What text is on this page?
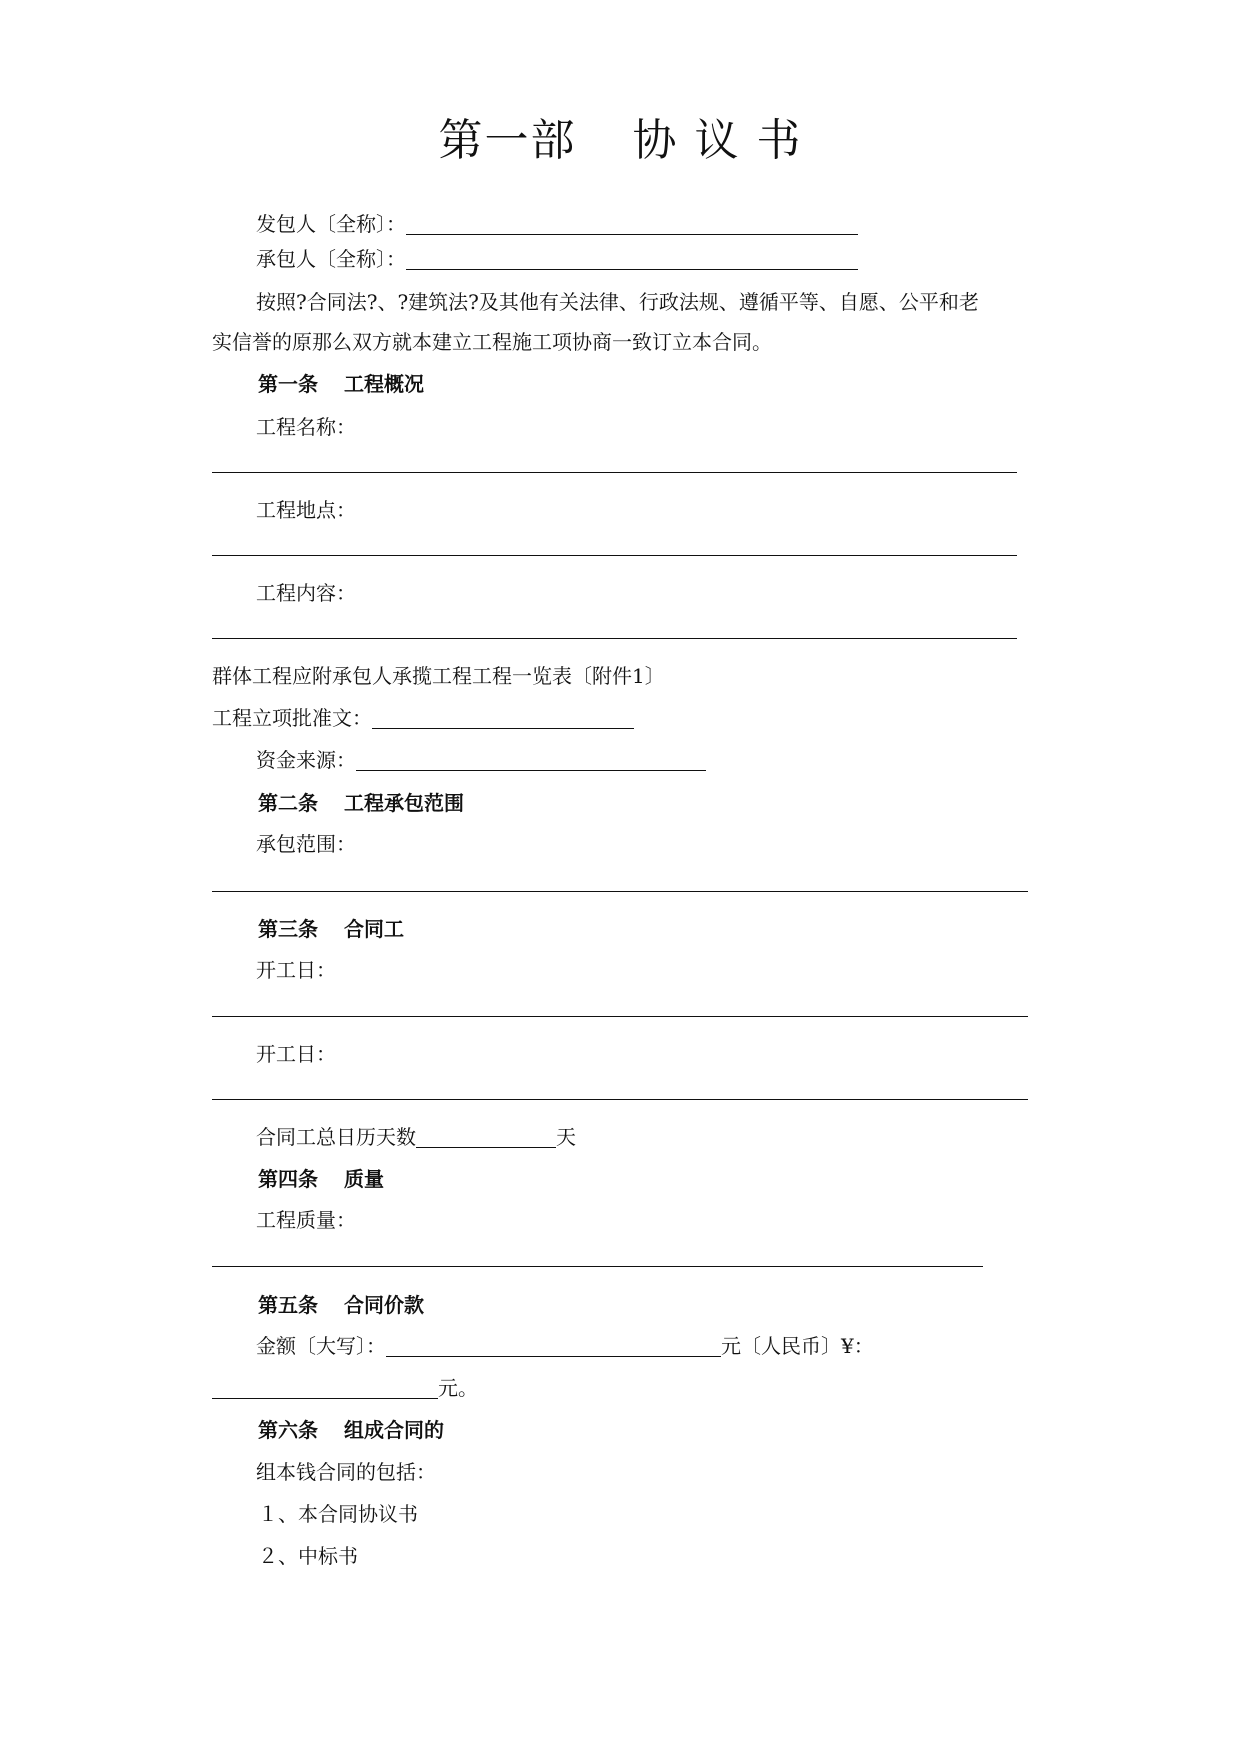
第一部 协 议 书
发包人〔全称〕：
承包人〔全称〕：
按照?合同法?、?建筑法?及其他有关法律、行政法规、遵循平等、自愿、公平和老
实信誉的原那么双方就本建立工程施工项协商一致订立本合同。
第一条 工程概况
工程名称：
工程地点：
工程内容：
群体工程应附承包人承揽工程工程一览表〔附件1〕
工程立项批准文：
资金来源：
第二条 工程承包范围
承包范围：
第三条 合同工
开工日：
开工日：
合同工总日历天数	天
第四条 质量
工程质量：
第五条 合同价款
金额〔大写〕：	元〔人民币〕¥：
元。
第六条 组成合同的
组本钱合同的包括：
１、本合同协议书
２、中标书
